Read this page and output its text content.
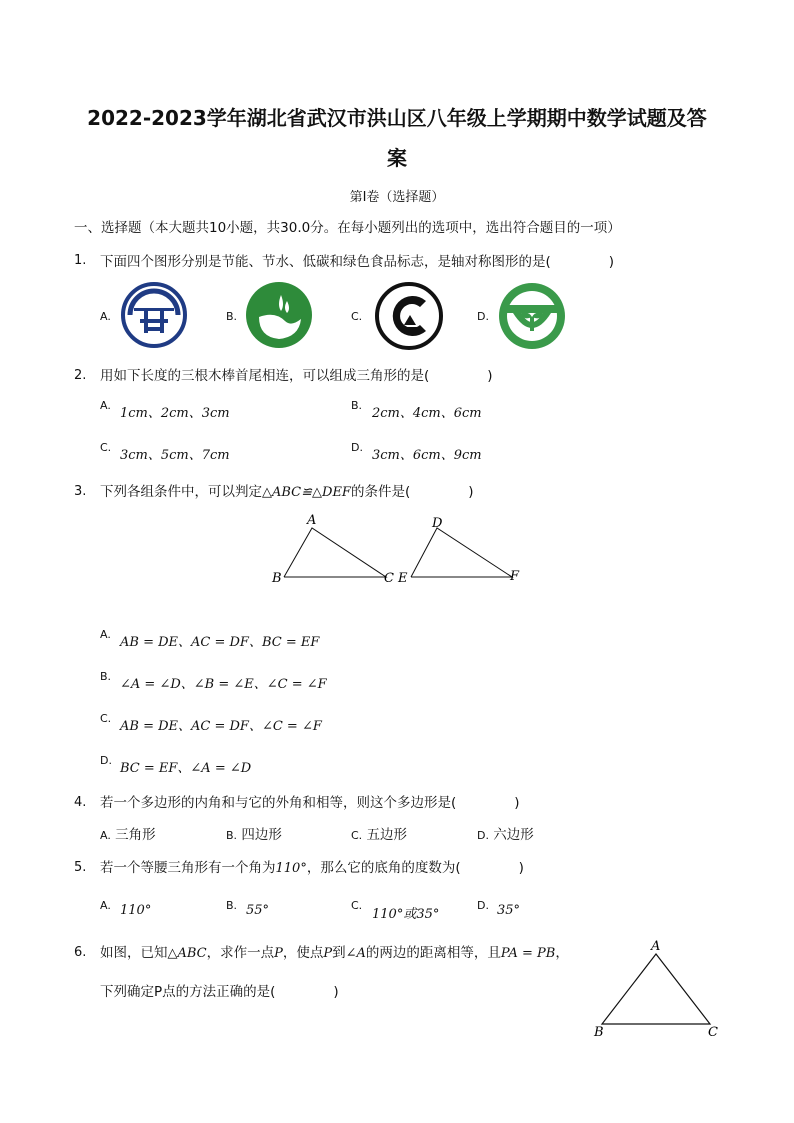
2022-2023学年湖北省武汉市洪山区八年级上学期期中数学试题及答
案
第I卷（选择题）
一、选择题（本大题共10小题，共30.0分。在每小题列出的选项中，选出符合题目的一项）
1. 下面四个图形分别是节能、节水、低碳和绿色食品标志，是轴对称图形的是(	)
A.	B.	C.	D.
2. 用如下长度的三根木棒首尾相连，可以组成三角形的是(	)
A.
1cm、2cm、3cm
B.
2cm、4cm、6cm
C.
3cm、5cm、7cm
D.
3cm、6cm、9cm
3. 下列各组条件中，可以判定△ABC≌△DEF的条件是(	)
A
B	C
D
E	F
A.
AB = DE、AC = DF、BC = EF
B.
∠A = ∠D、∠B = ∠E、∠C = ∠F
C.
AB = DE、AC = DF、∠C = ∠F
D.
BC = EF、∠A = ∠D
4. 若一个多边形的内角和与它的外角和相等，则这个多边形是(	)
A. 三角形	B. 四边形	C. 五边形	D. 六边形
5. 若一个等腰三角形有一个角为110°，那么它的底角的度数为(	)
A. 110°	B. 55°	C.
110°或35°
D. 35°
6. 如图，已知△ABC，求作一点P，使点P到∠A的两边的距离相等，且PA = PB，
下列确定P点的方法正确的是(	)
A
B	C
